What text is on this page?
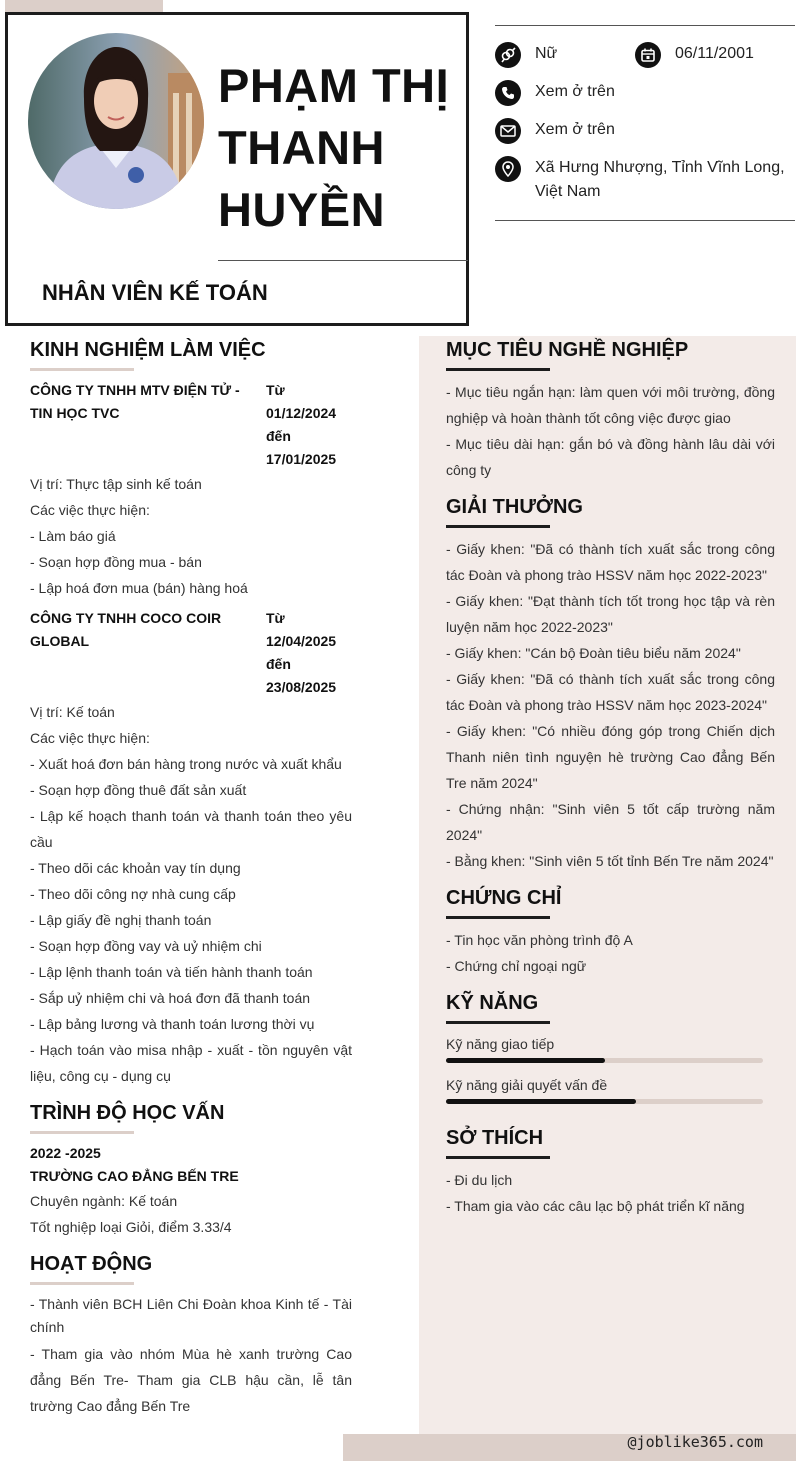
PHẠM THỊ
THANH
HUYỀN
NHÂN VIÊN KẾ TOÁN
Nữ	06/11/2001
Xem ở trên
Xem ở trên
Xã Hưng Nhượng, Tỉnh Vĩnh Long, Việt Nam
KINH NGHIỆM LÀM VIỆC
CÔNG TY TNHH MTV ĐIỆN TỬ - TIN HỌC TVC
Từ
01/12/2024
đến
17/01/2025
Vị trí: Thực tập sinh kế toán
Các việc thực hiện:
- Làm báo giá
- Soạn hợp đồng mua - bán
- Lập hoá đơn mua (bán) hàng hoá
CÔNG TY TNHH COCO COIR GLOBAL
Từ
12/04/2025
đến
23/08/2025
Vị trí: Kế toán
Các việc thực hiện:
- Xuất hoá đơn bán hàng trong nước và xuất khẩu
- Soạn hợp đồng thuê đất sản xuất
- Lập kế hoạch thanh toán và thanh toán theo yêu cầu
- Theo dõi các khoản vay tín dụng
- Theo dõi công nợ nhà cung cấp
- Lập giấy đề nghị thanh toán
- Soạn hợp đồng vay và uỷ nhiệm chi
- Lập lệnh thanh toán và tiến hành thanh toán
- Sắp uỷ nhiệm chi và hoá đơn đã thanh toán
- Lập bảng lương và thanh toán lương thời vụ
- Hạch toán vào misa nhập - xuất - tồn nguyên vật liệu, công cụ - dụng cụ
TRÌNH ĐỘ HỌC VẤN
2022 -2025
TRƯỜNG CAO ĐẲNG BẾN TRE
Chuyên ngành: Kế toán
Tốt nghiệp loại Giỏi, điểm 3.33/4
HOẠT ĐỘNG
- Thành viên BCH Liên Chi Đoàn khoa Kinh tế - Tài chính
- Tham gia vào nhóm Mùa hè xanh trường Cao đẳng Bến Tre- Tham gia CLB hậu cần, lễ tân trường Cao đẳng Bến Tre
MỤC TIÊU NGHỀ NGHIỆP
- Mục tiêu ngắn hạn: làm quen với môi trường, đồng nghiệp và hoàn thành tốt công việc được giao
- Mục tiêu dài hạn: gắn bó và đồng hành lâu dài với công ty
GIẢI THƯỞNG
- Giấy khen: "Đã có thành tích xuất sắc trong công tác Đoàn và phong trào HSSV năm học 2022-2023"
- Giấy khen: "Đạt thành tích tốt trong học tập và rèn luyện năm học 2022-2023"
- Giấy khen: "Cán bộ Đoàn tiêu biểu năm 2024"
- Giấy khen: "Đã có thành tích xuất sắc trong công tác Đoàn và phong trào HSSV năm học 2023-2024"
- Giấy khen: "Có nhiều đóng góp trong Chiến dịch Thanh niên tình nguyện hè trường Cao đẳng Bến Tre năm 2024"
- Chứng nhận: "Sinh viên 5 tốt cấp trường năm 2024"
- Bằng khen: "Sinh viên 5 tốt tỉnh Bến Tre năm 2024"
CHỨNG CHỈ
- Tin học văn phòng trình độ A
- Chứng chỉ ngoại ngữ
KỸ NĂNG
Kỹ năng giao tiếp
Kỹ năng giải quyết vấn đề
SỞ THÍCH
- Đi du lịch
- Tham gia vào các câu lạc bộ phát triển kĩ năng
@joblike365.com
